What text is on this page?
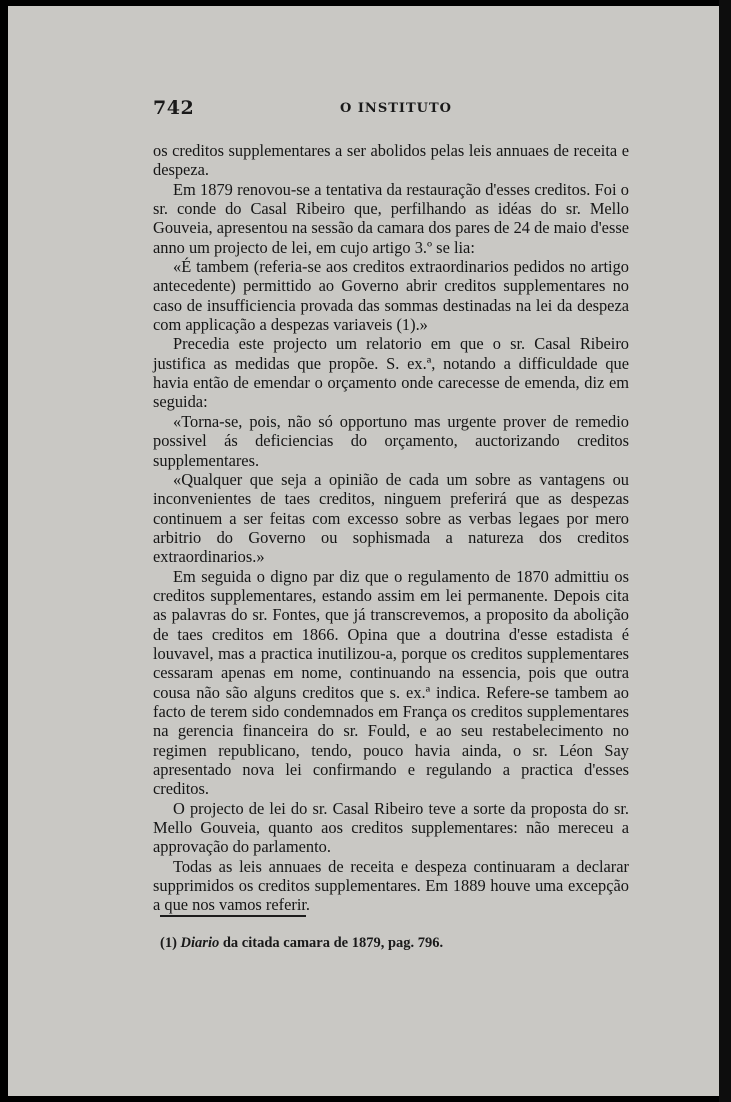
742	O INSTITUTO

os creditos supplementares a ser abolidos pelas leis annuaes de receita e despeza.

Em 1879 renovou-se a tentativa da restauração d'esses creditos. Foi o sr. conde do Casal Ribeiro que, perfilhando as idéas do sr. Mello Gouveia, apresentou na sessão da camara dos pares de 24 de maio d'esse anno um projecto de lei, em cujo artigo 3.º se lia:

«É tambem (referia-se aos creditos extraordinarios pedidos no artigo antecedente) permittido ao Governo abrir creditos supplementares no caso de insufficiencia provada das sommas destinadas na lei da despeza com applicação a despezas variaveis (1).»

Precedia este projecto um relatorio em que o sr. Casal Ribeiro justifica as medidas que propõe. S. ex.ª, notando a difficuldade que havia então de emendar o orçamento onde carecesse de emenda, diz em seguida:

«Torna-se, pois, não só opportuno mas urgente prover de remedio possivel ás deficiencias do orçamento, auctorizando creditos supplementares.

«Qualquer que seja a opinião de cada um sobre as vantagens ou inconvenientes de taes creditos, ninguem preferirá que as despezas continuem a ser feitas com excesso sobre as verbas legaes por mero arbitrio do Governo ou sophismada a natureza dos creditos extraordinarios.»

Em seguida o digno par diz que o regulamento de 1870 admittiu os creditos supplementares, estando assim em lei permanente. Depois cita as palavras do sr. Fontes, que já transcrevemos, a proposito da abolição de taes creditos em 1866. Opina que a doutrina d'esse estadista é louvavel, mas a practica inutilizou-a, porque os creditos supplementares cessaram apenas em nome, continuando na essencia, pois que outra cousa não são alguns creditos que s. ex.ª indica. Refere-se tambem ao facto de terem sido condemnados em França os creditos supplementares na gerencia financeira do sr. Fould, e ao seu restabelecimento no regimen republicano, tendo, pouco havia ainda, o sr. Léon Say apresentado nova lei confirmando e regulando a practica d'esses creditos.

O projecto de lei do sr. Casal Ribeiro teve a sorte da proposta do sr. Mello Gouveia, quanto aos creditos supplementares: não mereceu a approvação do parlamento.

Todas as leis annuaes de receita e despeza continuaram a declarar supprimidos os creditos supplementares. Em 1889 houve uma excepção a que nos vamos referir.

(1) Diario da citada camara de 1879, pag. 796.
